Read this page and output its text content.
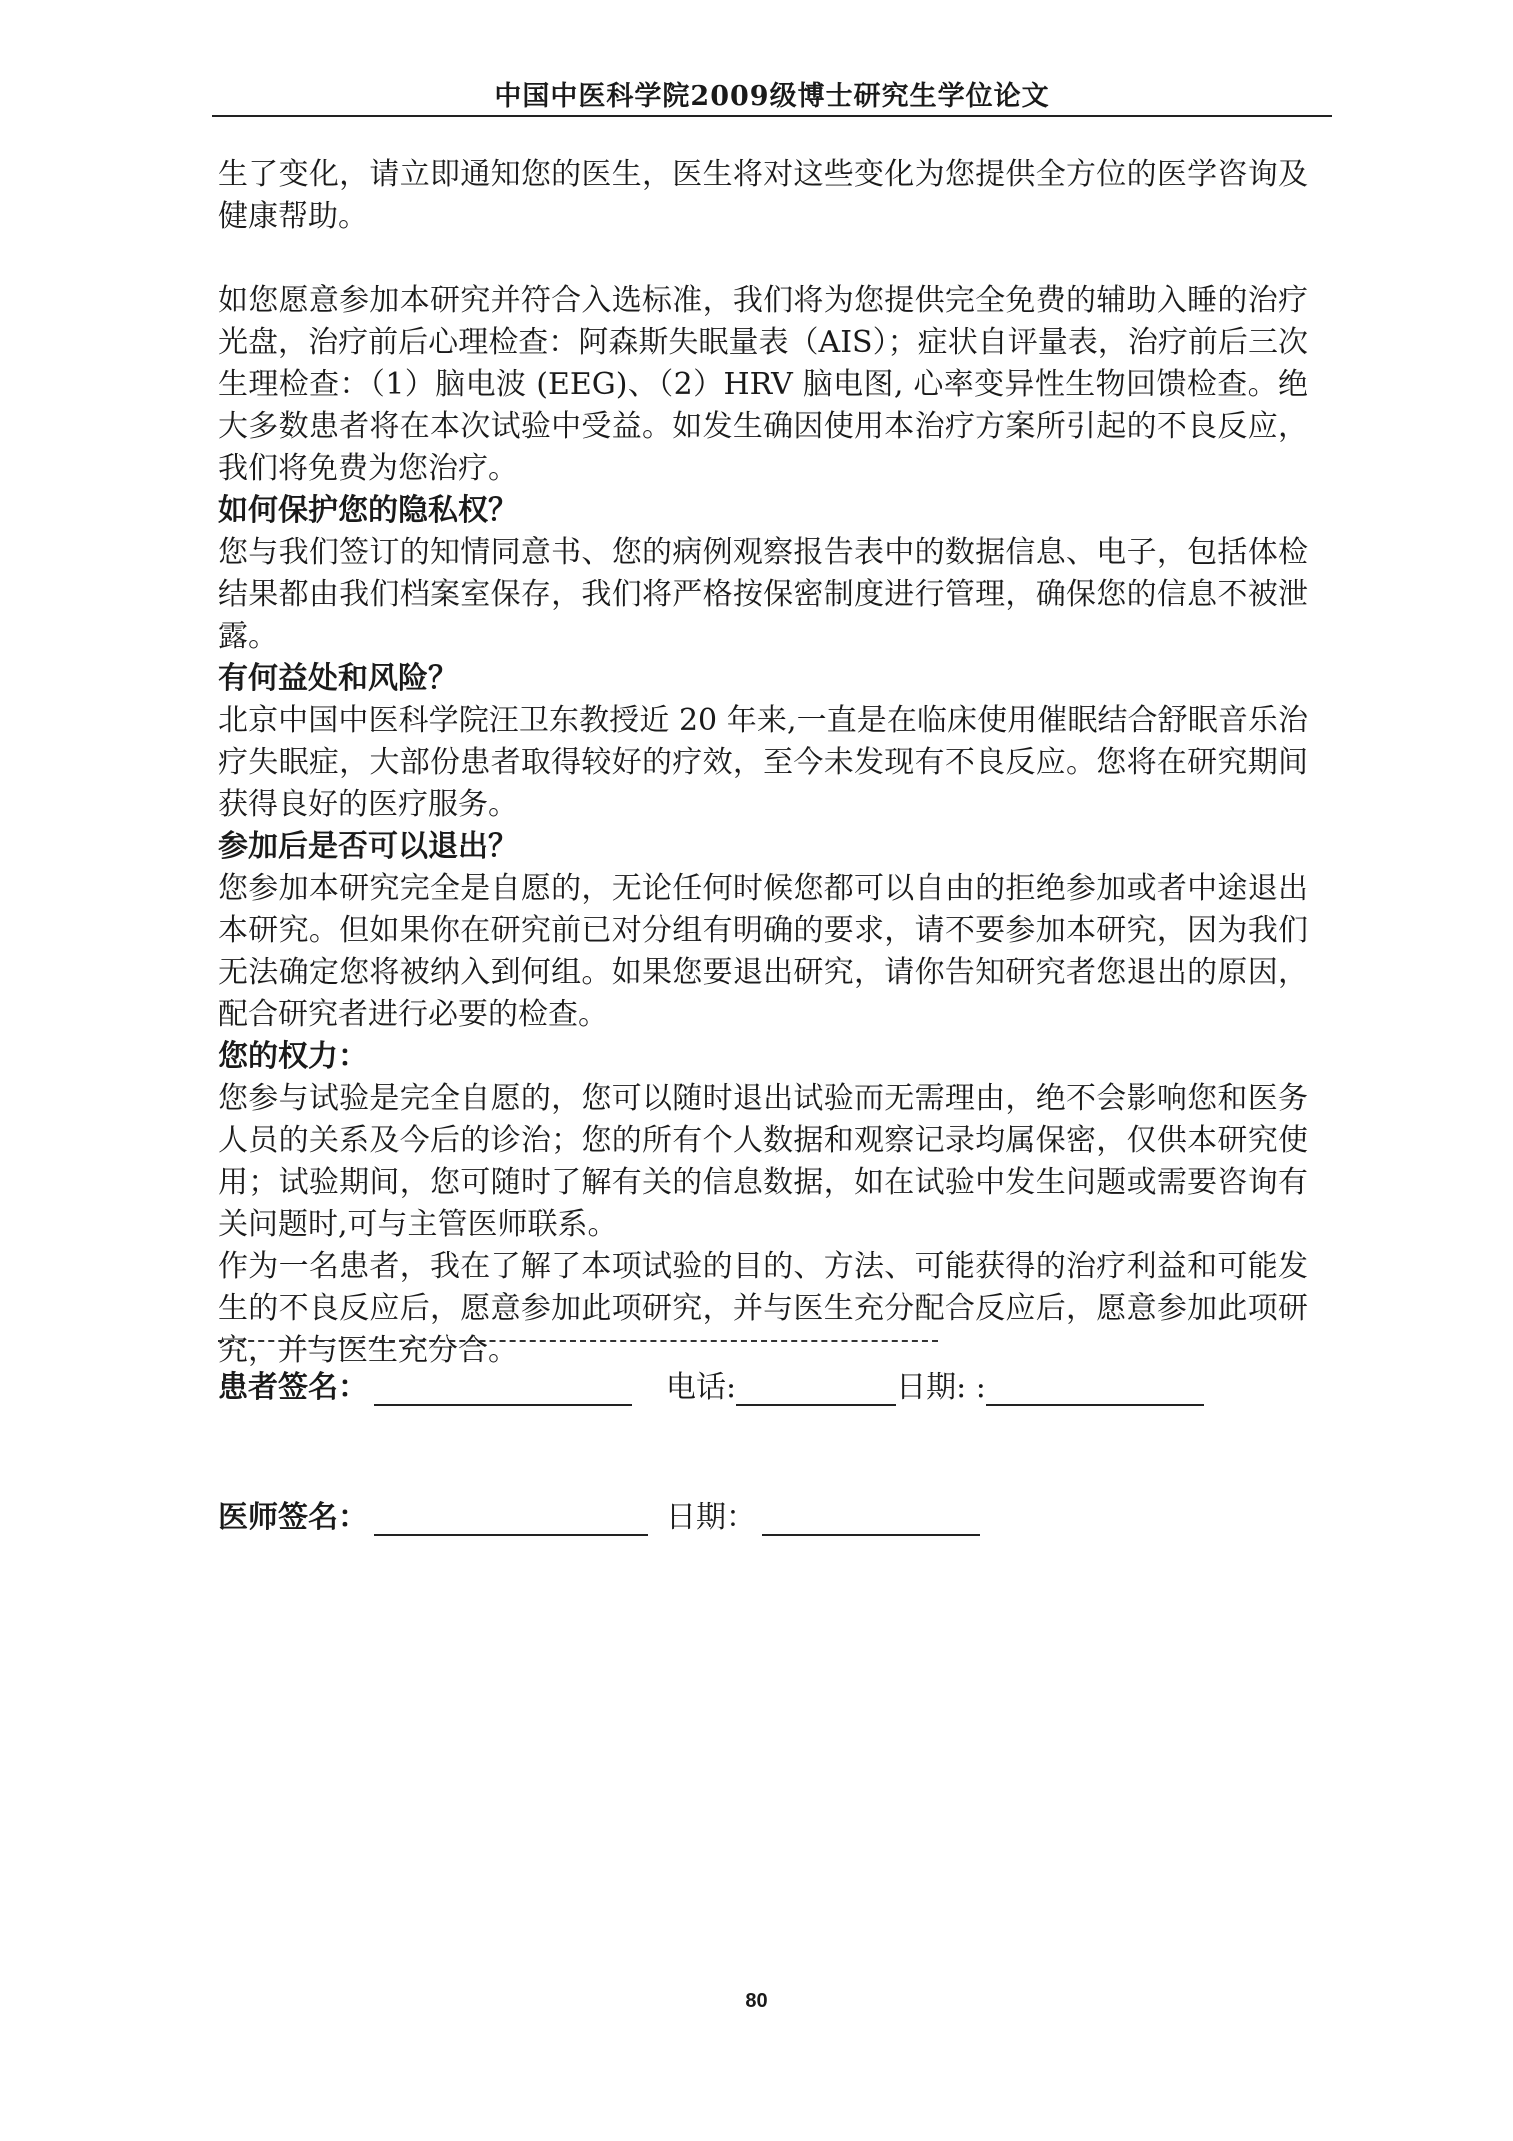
中国中医科学院2009级博士研究生学位论文

生了变化，请立即通知您的医生，医生将对这些变化为您提供全方位的医学咨询及健康帮助。

如您愿意参加本研究并符合入选标准，我们将为您提供完全免费的辅助入睡的治疗光盘，治疗前后心理检查：阿森斯失眠量表（AIS）；症状自评量表，治疗前后三次生理检查：（1）脑电波 (EEG)、（2）HRV 脑电图, 心率变异性生物回馈检查。绝大多数患者将在本次试验中受益。如发生确因使用本治疗方案所引起的不良反应，我们将免费为您治疗。

如何保护您的隐私权？

您与我们签订的知情同意书、您的病例观察报告表中的数据信息、电子，包括体检结果都由我们档案室保存，我们将严格按保密制度进行管理，确保您的信息不被泄露。

有何益处和风险？

北京中国中医科学院汪卫东教授近 20 年来,一直是在临床使用催眠结合舒眠音乐治疗失眠症，大部份患者取得较好的疗效，至今未发现有不良反应。您将在研究期间获得良好的医疗服务。

参加后是否可以退出？

您参加本研究完全是自愿的，无论任何时候您都可以自由的拒绝参加或者中途退出本研究。但如果你在研究前已对分组有明确的要求，请不要参加本研究，因为我们无法确定您将被纳入到何组。如果您要退出研究，请你告知研究者您退出的原因，配合研究者进行必要的检查。

您的权力：

您参与试验是完全自愿的，您可以随时退出试验而无需理由，绝不会影响您和医务人员的关系及今后的诊治；您的所有个人数据和观察记录均属保密，仅供本研究使用；试验期间，您可随时了解有关的信息数据，如在试验中发生问题或需要咨询有关问题时,可与主管医师联系。

作为一名患者，我在了解了本项试验的目的、方法、可能获得的治疗利益和可能发生的不良反应后，愿意参加此项研究，并与医生充分配合反应后，愿意参加此项研究，并与医生充分合。

患者签名：	电话:	日期: :
医师签名：	日期：
80
